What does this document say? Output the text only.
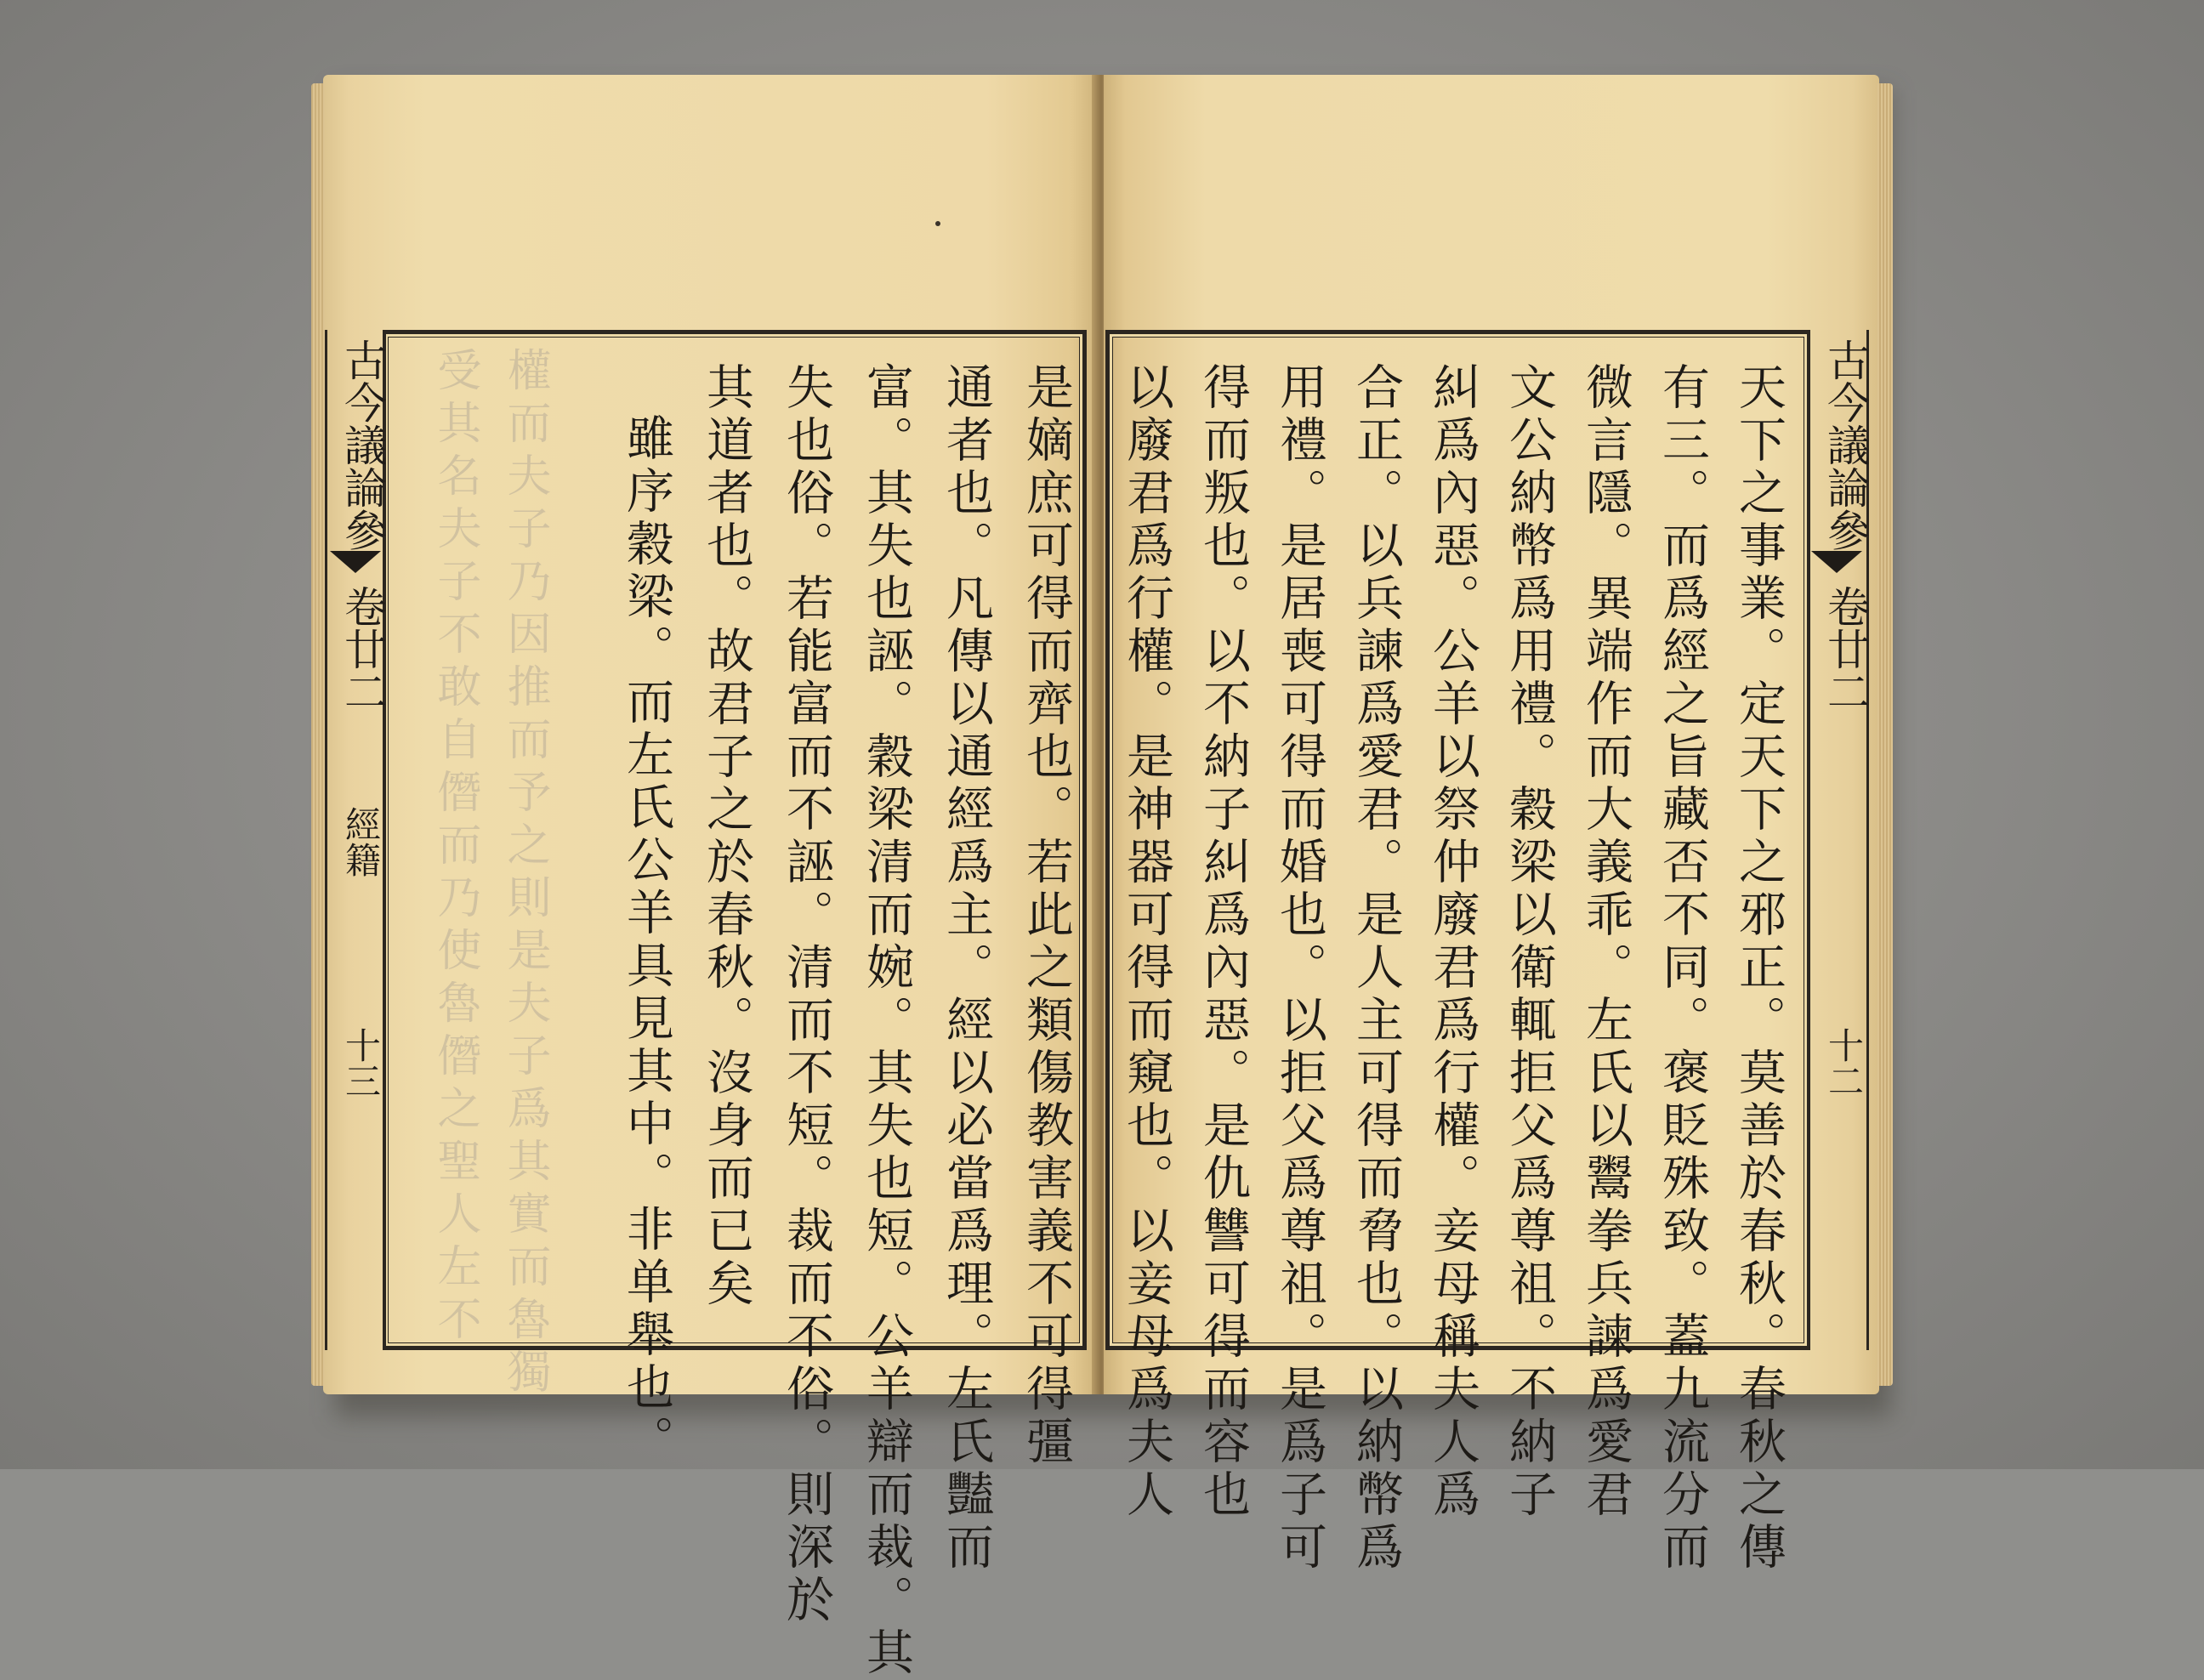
權而夫子乃因推而予之則是夫子爲其實而魯獨
受其名夫子不敢自僭而乃使魯僭之聖人左不	是嫡庶可得而齊也。若此之類傷教害義不可得彊
通者也。凡傳以通經爲主。經以必當爲理。左氏豔而
富。其失也誣。穀梁清而婉。其失也短。公羊辯而裁。其
失也俗。若能富而不誣。清而不短。裁而不俗。則深於
其道者也。故君子之於春秋。沒身而已矣
雖序穀梁。而左氏公羊具見其中。非单舉也。
古今議論參
卷廿二
經籍
十三
古今議論參
卷廿二
十二
天下之事業。定天下之邪正。莫善於春秋。春秋之傳
有三。而爲經之旨藏否不同。褒貶殊致。蓋九流分而
微言隱。異端作而大義乖。左氏以鬻拳兵諫爲愛君
文公納幣爲用禮。穀梁以衛輒拒父爲尊祖。不納子
糾爲內惡。公羊以祭仲廢君爲行權。妾母稱夫人爲
合正。以兵諫爲愛君。是人主可得而脅也。以納幣爲
用禮。是居喪可得而婚也。以拒父爲尊祖。是爲子可
得而叛也。以不納子糾爲內惡。是仇讐可得而容也
以廢君爲行權。是神器可得而窺也。以妾母爲夫人
